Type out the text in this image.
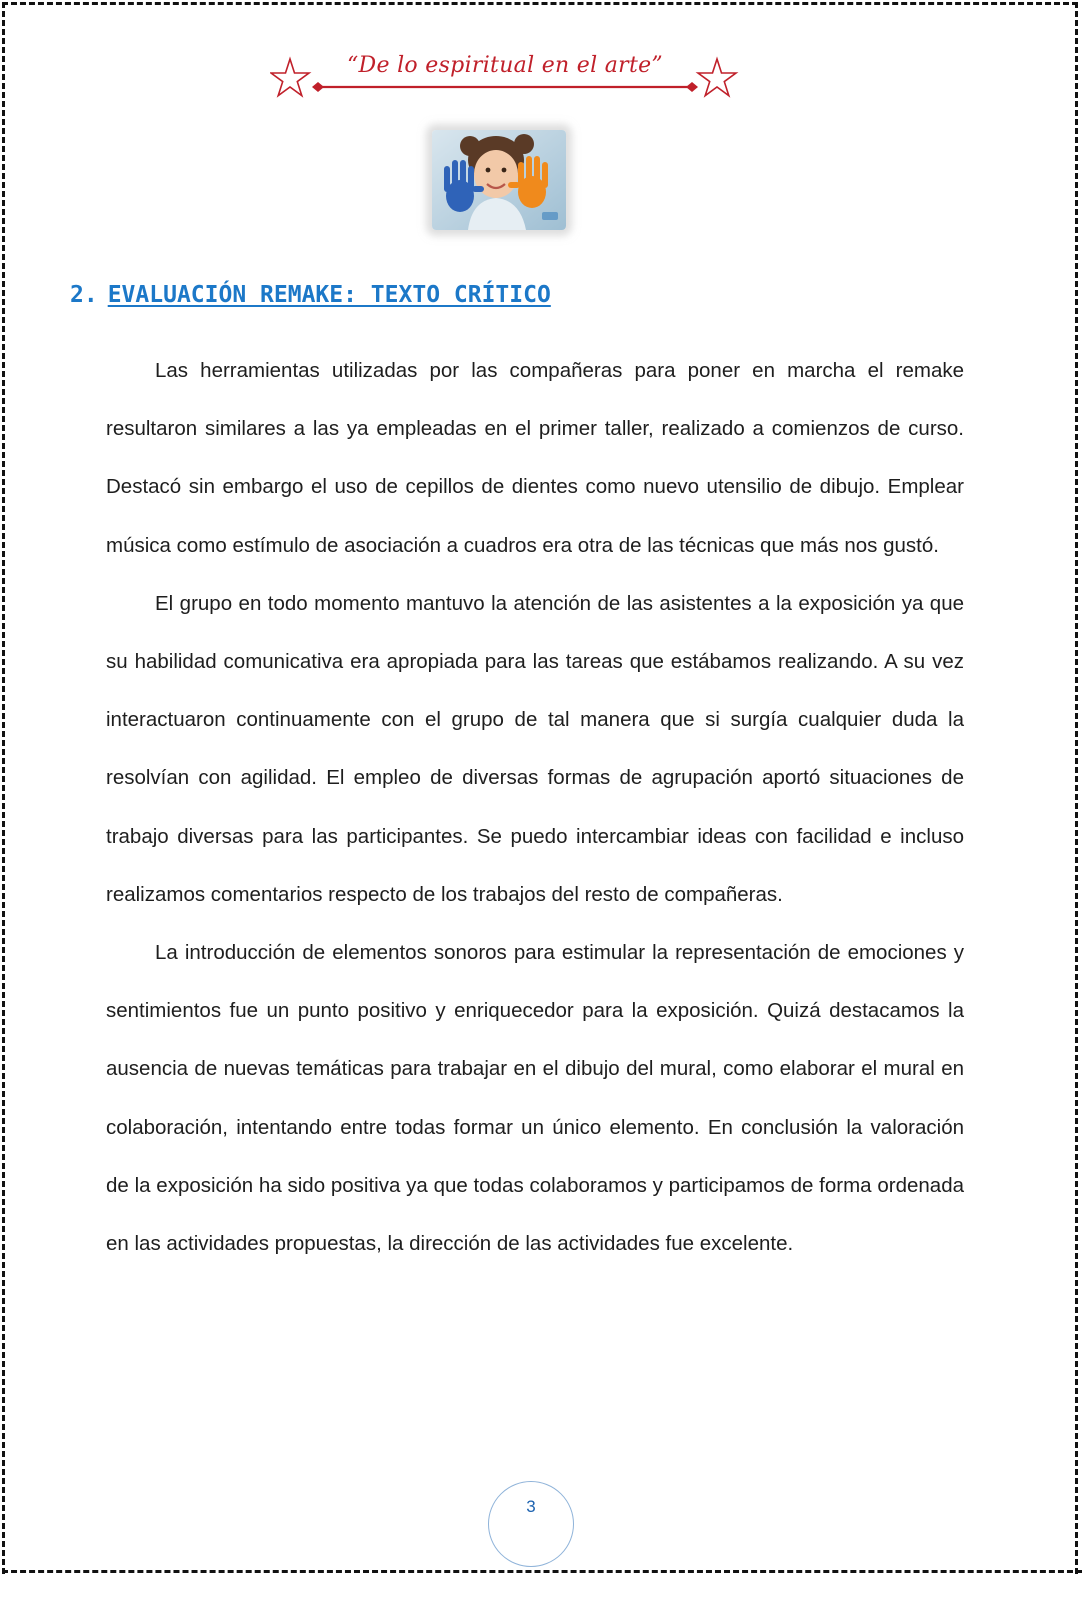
“De lo espiritual en el arte”
2. EVALUACIÓN REMAKE: TEXTO CRÍTICO

Las herramientas utilizadas por las compañeras para poner en marcha el remake resultaron similares a las ya empleadas en el primer taller, realizado a comienzos de curso. Destacó sin embargo el uso de cepillos de dientes como nuevo utensilio de dibujo. Emplear música como estímulo de asociación a cuadros era otra de las técnicas que más nos gustó.

El grupo en todo momento mantuvo la atención de las asistentes a la exposición ya que su habilidad comunicativa era apropiada para las tareas que estábamos realizando. A su vez interactuaron continuamente con el grupo de tal manera que si surgía cualquier duda la resolvían con agilidad. El empleo de diversas formas de agrupación aportó situaciones de trabajo diversas para las participantes. Se puedo intercambiar ideas con facilidad e incluso realizamos comentarios respecto de los trabajos del resto de compañeras.

La introducción de elementos sonoros para estimular la representación de emociones y sentimientos fue un punto positivo y enriquecedor para la exposición. Quizá destacamos la ausencia de nuevas temáticas para trabajar en el dibujo del mural, como elaborar el mural en colaboración, intentando entre todas formar un único elemento. En conclusión la valoración de la exposición ha sido positiva ya que todas colaboramos y participamos de forma ordenada en las actividades propuestas, la dirección de las actividades fue excelente.

3
